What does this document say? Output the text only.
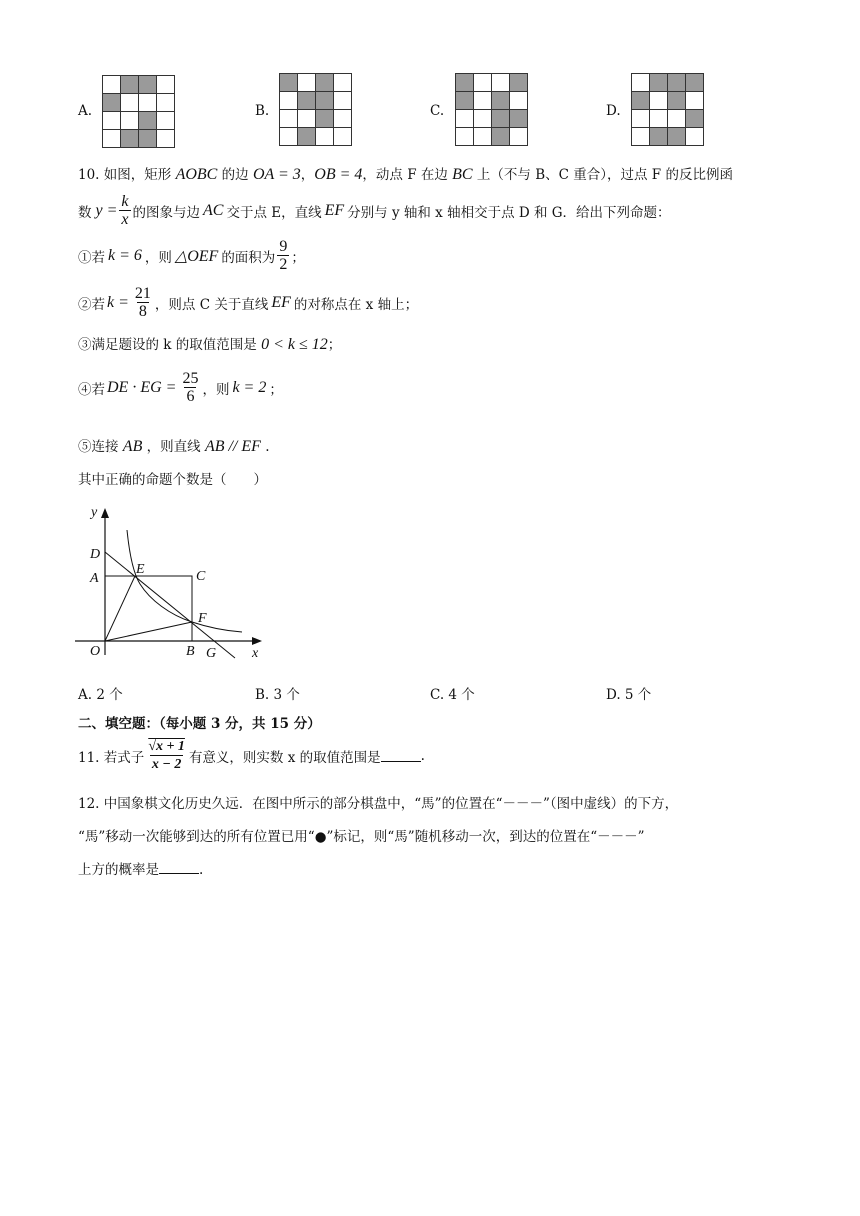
A.	B.	C.	D.
10. 如图，矩形 AOBC 的边 OA = 3，OB = 4，动点 F 在边 BC 上（不与 B、C 重合），过点 F 的反比例函
数 $y = \frac{k}{x}$ 的图象与边 AC 交于点 E，直线 EF 分别与 y 轴和 x 轴相交于点 D 和 G．给出下列命题：
①若 k = 6 ，则 △OEF 的面积为 $\frac{9}{2}$ ；
②若 $k = \frac{21}{8}$ ，则点 C 关于直线 EF 的对称点在 x 轴上；
③满足题设的 k 的取值范围是 0 < k ≤ 12；
④若 DE · EG = $\frac{25}{6}$ ，则 k = 2 ；
⑤连接 AB ，则直线 AB // EF .
其中正确的命题个数是（　　）
y
D
A
E	C
F
O	B G	x
A. 2 个	B. 3 个	C. 4 个	D. 5 个
二、填空题：（每小题 3 分，共 15 分）
11. 若式子 $\frac{√x + 1}{x - 2}$ 有意义，则实数 x 的取值范围是	.
12. 中国象棋文化历史久远．在图中所示的部分棋盘中，“馬”的位置在“－－－”（图中虚线）的下方，
“馬”移动一次能够到达的所有位置已用“●”标记，则“馬”随机移动一次，到达的位置在“－－－”
上方的概率是	.
